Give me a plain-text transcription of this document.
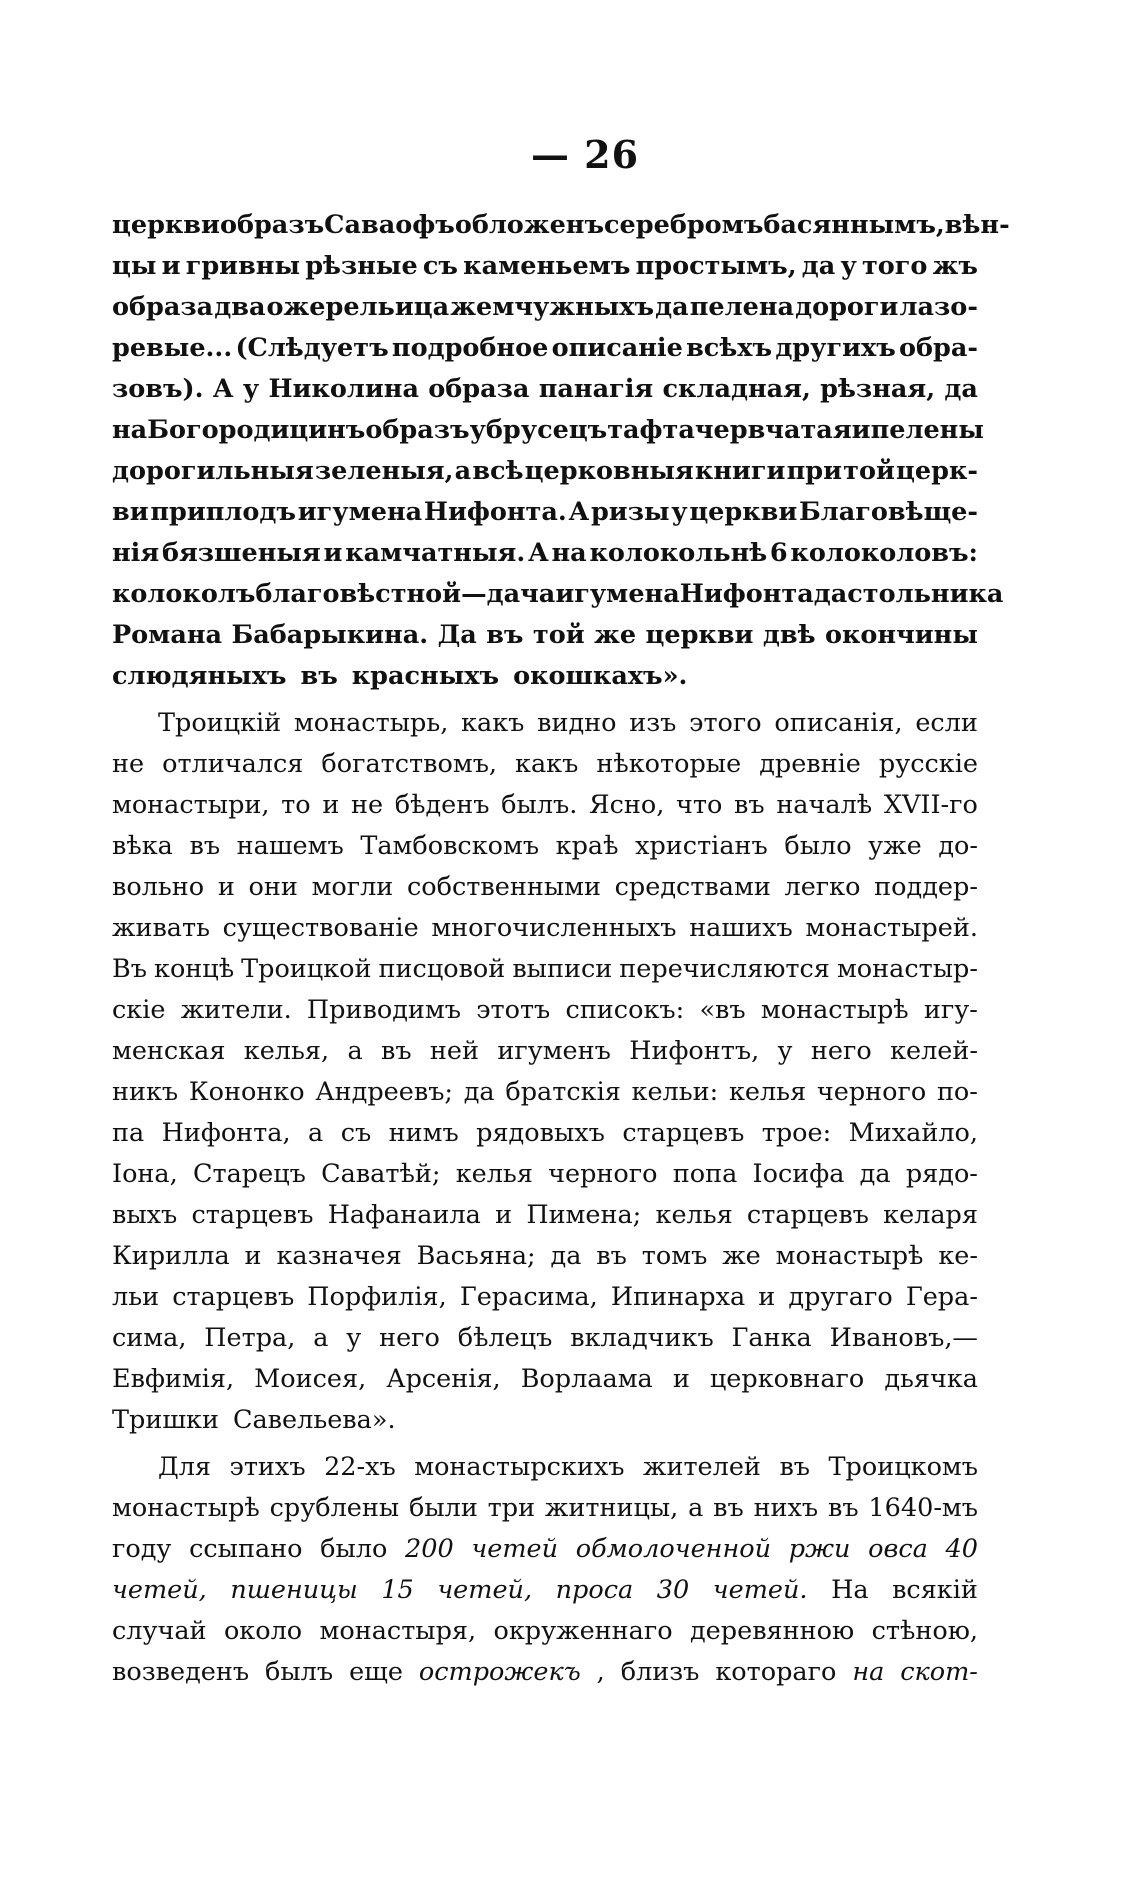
— 26
церкви образъ Саваофъ обложенъ серебромъ басяннымъ, вѣн-
цы и гривны рѣзные съ каменьемъ простымъ, да у того жъ
образа два ожерельица жемчужныхъ да пелена дороги лазо-
ревые... (Слѣдуетъ подробное описаніе всѣхъ другихъ обра-
зовъ). А у Николина образа панагія складная, рѣзная, да
на Богородицинъ образъ убрусецъ тафта червчатая и пелены
дорогильныя зеленыя, а всѣ церковныя книги при той церк-
ви приплодъ игумена Нифонта. А ризы у церкви Благовѣще-
нія бязшеныя и камчатныя. А на колокольнѣ 6 колоколовъ:
колоколъ благовѣстной—дача игумена Нифонта да стольника
Романа Бабарыкина. Да въ той же церкви двѣ окончины
слюдяныхъ въ красныхъ окошкахъ».
Троицкій монастырь, какъ видно изъ этого описанія, если
не отличался богатствомъ, какъ нѣкоторые древніе русскіе
монастыри, то и не бѣденъ былъ. Ясно, что въ началѣ XVII-го
вѣка въ нашемъ Тамбовскомъ краѣ христіанъ было уже до-
вольно и они могли собственными средствами легко поддер-
живать существованіе многочисленныхъ нашихъ монастырей.
Въ концѣ Троицкой писцовой выписи перечисляются монастыр-
скіе жители. Приводимъ этотъ списокъ: «въ монастырѣ игу-
менская келья, а въ ней игуменъ Нифонтъ, у него келей-
никъ Кононко Андреевъ; да братскія кельи: келья черного по-
па Нифонта, а съ нимъ рядовыхъ старцевъ трое: Михайло,
Іона, Старецъ Саватѣй; келья черного попа Іосифа да рядо-
выхъ старцевъ Нафанаила и Пимена; келья старцевъ келаря
Кирилла и казначея Васьяна; да въ томъ же монастырѣ ке-
льи старцевъ Порфилія, Герасима, Ипинарха и другаго Гера-
сима, Петра, а у него бѣлецъ вкладчикъ Ганка Ивановъ,—
Евфимія, Моисея, Арсенія, Ворлаама и церковнаго дьячка
Тришки Савельева».
Для этихъ 22-хъ монастырскихъ жителей въ Троицкомъ
монастырѣ срублены были три житницы, а въ нихъ въ 1640-мъ
году ссыпано было 200 четей обмолоченной ржи овса 40
четей, пшеницы 15 четей, проса 30 четей. На всякій
случай около монастыря, окруженнаго деревянною стѣною,
возведенъ былъ еще острожекъ , близъ котораго на скот-
